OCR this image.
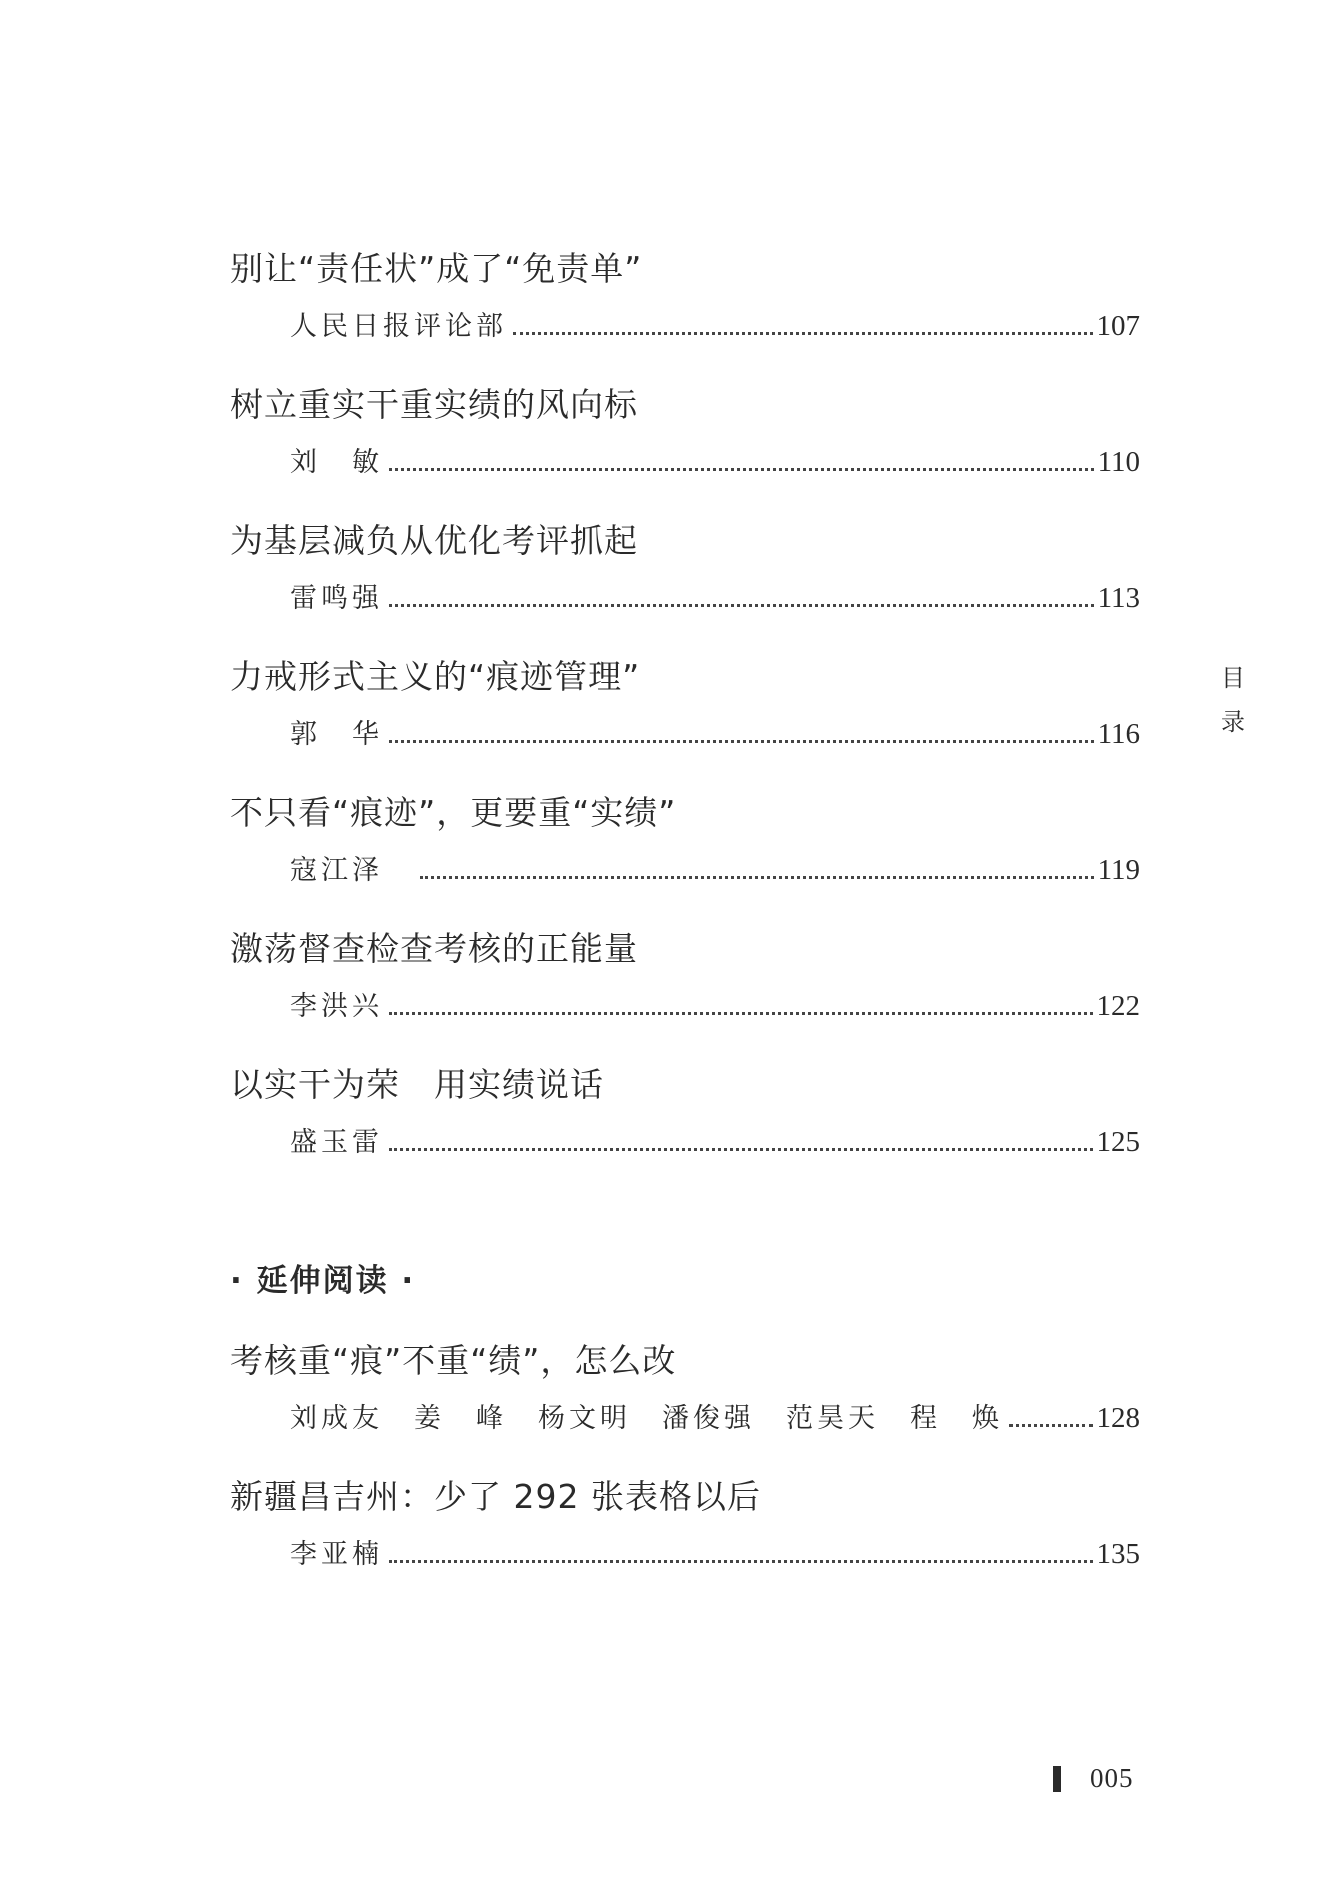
别让“责任状”成了“免责单”
人民日报评论部	107
树立重实干重实绩的风向标
刘　敏	110
为基层减负从优化考评抓起
雷鸣强	113
力戒形式主义的“痕迹管理”
郭　华	116
不只看“痕迹”，更要重“实绩”
寇江泽　	119
激荡督查检查考核的正能量
李洪兴	122
以实干为荣　用实绩说话
盛玉雷	125
· 延伸阅读 ·
考核重“痕”不重“绩”，怎么改
刘成友　姜　峰　杨文明　潘俊强　范昊天　程　焕	128
新疆昌吉州：少了 292 张表格以后
李亚楠	135
目
录
005
